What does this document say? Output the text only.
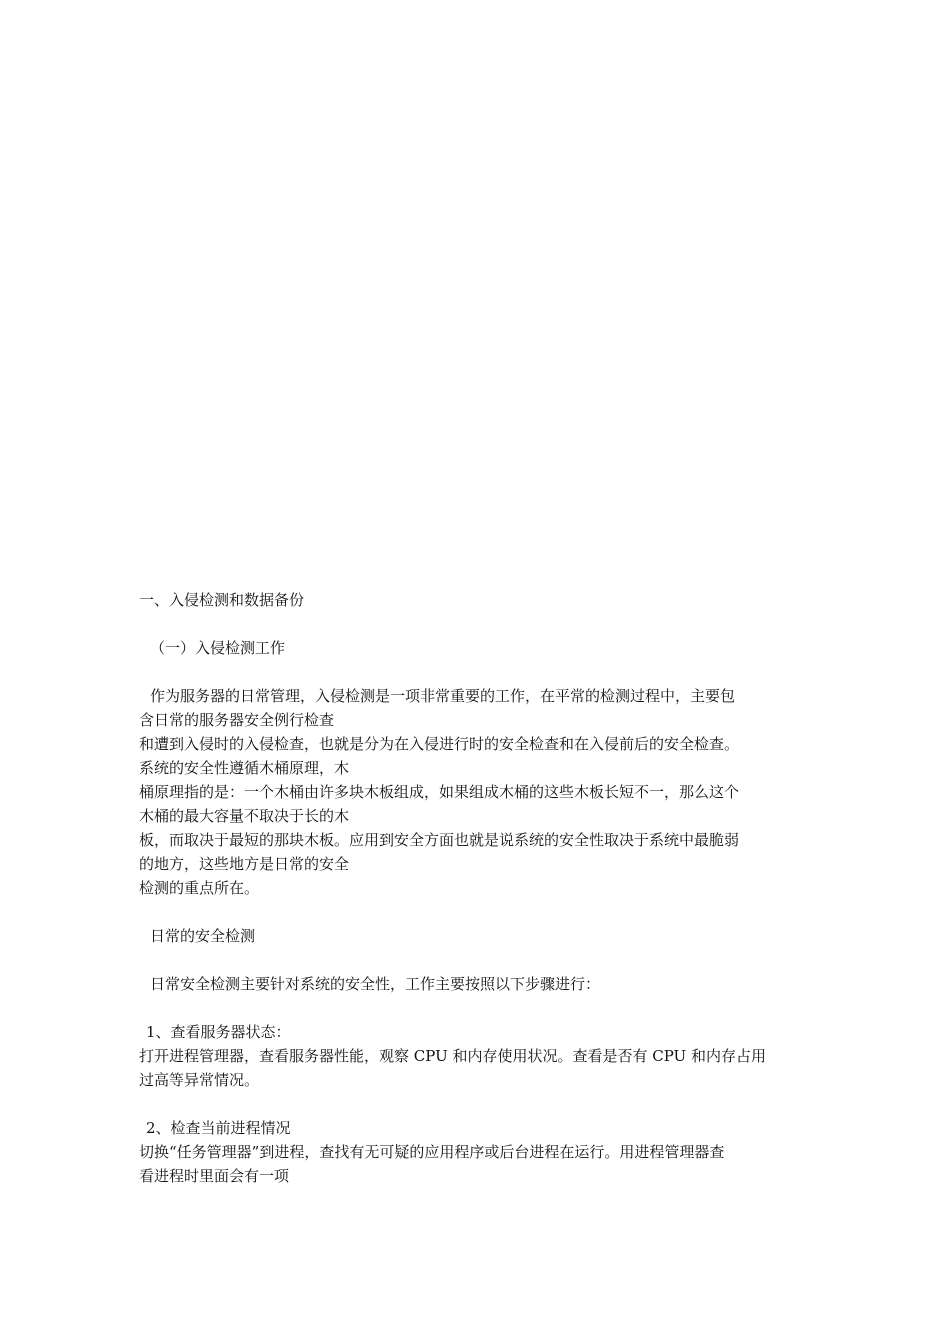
一、入侵检测和数据备份
（一）入侵检测工作
作为服务器的日常管理，入侵检测是一项非常重要的工作，在平常的检测过程中，主要包
含日常的服务器安全例行检查
和遭到入侵时的入侵检查，也就是分为在入侵进行时的安全检查和在入侵前后的安全检查。
系统的安全性遵循木桶原理，木
桶原理指的是：一个木桶由许多块木板组成，如果组成木桶的这些木板长短不一，那么这个
木桶的最大容量不取决于长的木
板，而取决于最短的那块木板。应用到安全方面也就是说系统的安全性取决于系统中最脆弱
的地方，这些地方是日常的安全
检测的重点所在。
日常的安全检测
日常安全检测主要针对系统的安全性，工作主要按照以下步骤进行：
1、查看服务器状态：
打开进程管理器，查看服务器性能，观察 CPU 和内存使用状况。查看是否有 CPU 和内存占用
过高等异常情况。
2、检查当前进程情况
切换“任务管理器”到进程，查找有无可疑的应用程序或后台进程在运行。用进程管理器查
看进程时里面会有一项
